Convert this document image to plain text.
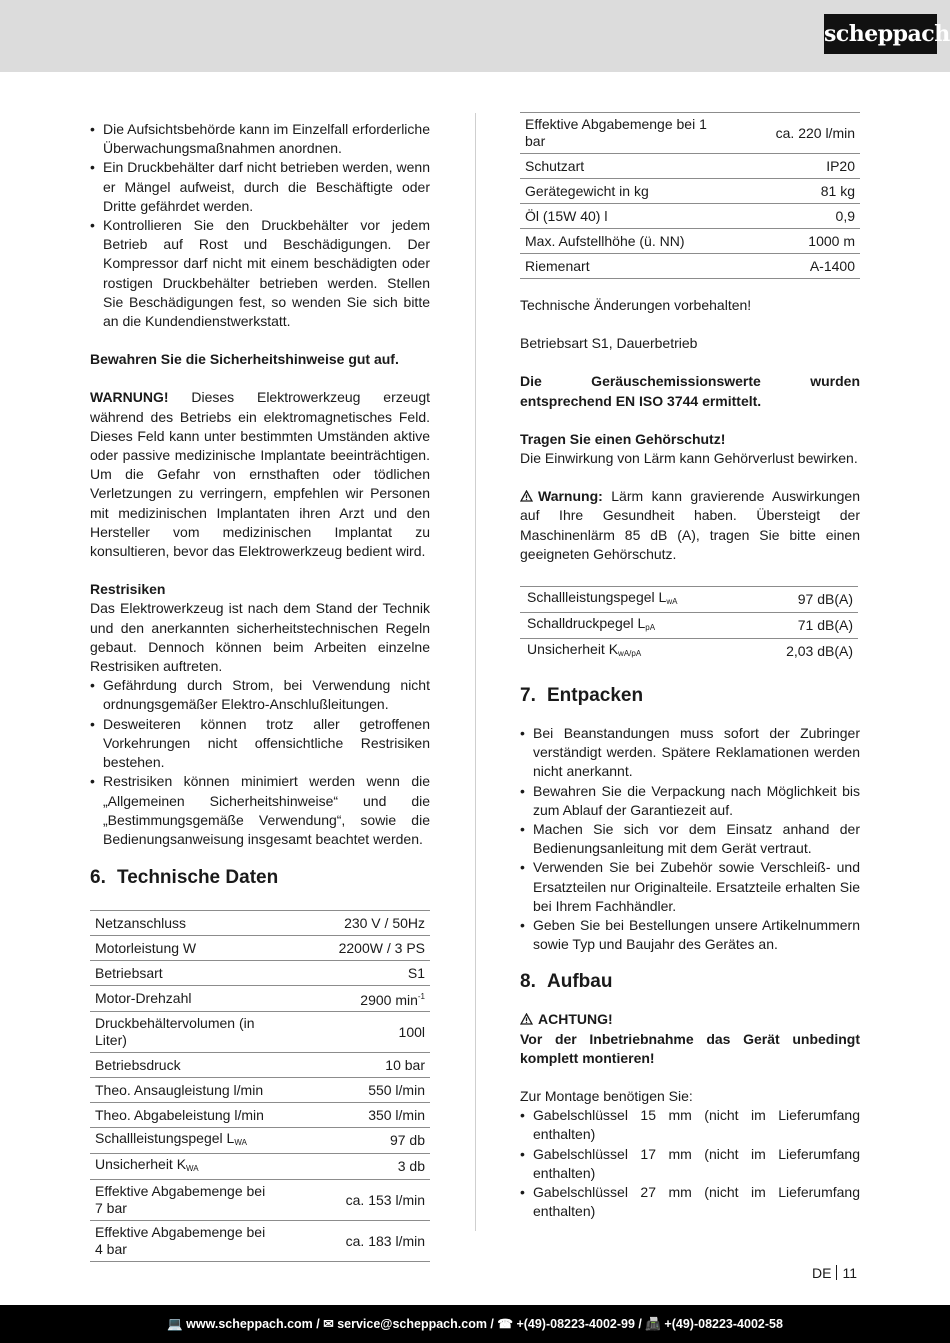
scheppach
• Die Aufsichtsbehörde kann im Einzelfall erforderliche Überwachungsmaßnahmen anordnen.
• Ein Druckbehälter darf nicht betrieben werden, wenn er Mängel aufweist, durch die Beschäftigte oder Dritte gefährdet werden.
• Kontrollieren Sie den Druckbehälter vor jedem Betrieb auf Rost und Beschädigungen. Der Kompressor darf nicht mit einem beschädigten oder rostigen Druckbehälter betrieben werden. Stellen Sie Beschädigungen fest, so wenden Sie sich bitte an die Kundendienstwerkstatt.

Bewahren Sie die Sicherheitshinweise gut auf.

WARNUNG! Dieses Elektrowerkzeug erzeugt während des Betriebs ein elektromagnetisches Feld. Dieses Feld kann unter bestimmten Umständen aktive oder passive medizinische Implantate beeinträchtigen. Um die Gefahr von ernsthaften oder tödlichen Verletzungen zu verringern, empfehlen wir Personen mit medizinischen Implantaten ihren Arzt und den Hersteller vom medizinischen Implantat zu konsultieren, bevor das Elektrowerkzeug bedient wird.

Restrisiken

Das Elektrowerkzeug ist nach dem Stand der Technik und den anerkannten sicherheitstechnischen Regeln gebaut. Dennoch können beim Arbeiten einzelne Restrisiken auftreten.

• Gefährdung durch Strom, bei Verwendung nicht ordnungsgemäßer Elektro-Anschlußleitungen.
• Desweiteren können trotz aller getroffenen Vorkehrungen nicht offensichtliche Restrisiken bestehen.
• Restrisiken können minimiert werden wenn die „Allgemeinen Sicherheitshinweise“ und die „Bestimmungsgemäße Verwendung“, sowie die Bedienungsanweisung insgesamt beachtet werden.
6. Technische Daten
Netzanschluss	230 V / 50Hz
Motorleistung W	2200W / 3 PS
Betriebsart	S1
Motor-Drehzahl	2900 $\min^{-1}$
Druckbehältervolumen (in Liter)	100l
Betriebsdruck	10 bar
Theo. Ansaugleistung l/min	550 l/min
Theo. Abgabeleistung l/min	350 l/min
Schallleistungspegel $L_{WA}$	97 db
Unsicherheit $K_{WA}$	3 db
Effektive Abgabemenge bei 7 bar	ca. 153 l/min
Effektive Abgabemenge bei 4 bar	ca. 183 l/min
Effektive Abgabemenge bei 1 bar	ca. 220 l/min
Schutzart	IP20
Gerätegewicht in kg	81 kg
Öl (15W 40) l	0,9
Max. Aufstellhöhe (ü. NN)	1000 m
Riemenart	A-1400

Technische Änderungen vorbehalten!

Betriebsart S1, Dauerbetrieb

Die Geräuschemissionswerte wurden entsprechend EN ISO 3744 ermittelt.

Tragen Sie einen Gehörschutz!

Die Einwirkung von Lärm kann Gehörverlust bewirken.

Warnung: Lärm kann gravierende Auswirkungen auf Ihre Gesundheit haben. Übersteigt der Maschinenlärm 85 dB (A), tragen Sie bitte einen geeigneten Gehörschutz.

Schallleistungspegel $L_{wA}$	97 dB(A)
Schalldruckpegel $L_{pA}$	71 dB(A)
Unsicherheit $K_{wA/pA}$	2,03 dB(A)
7. Entpacken
• Bei Beanstandungen muss sofort der Zubringer verständigt werden. Spätere Reklamationen werden nicht anerkannt.
• Bewahren Sie die Verpackung nach Möglichkeit bis zum Ablauf der Garantiezeit auf.
• Machen Sie sich vor dem Einsatz anhand der Bedienungsanleitung mit dem Gerät vertraut.
• Verwenden Sie bei Zubehör sowie Verschleiß- und Ersatzteilen nur Originalteile. Ersatzteile erhalten Sie bei Ihrem Fachhändler.
• Geben Sie bei Bestellungen unsere Artikelnummern sowie Typ und Baujahr des Gerätes an.
8. Aufbau

ACHTUNG!

Vor der Inbetriebnahme das Gerät unbedingt komplett montieren!

Zur Montage benötigen Sie:

• Gabelschlüssel 15 mm (nicht im Lieferumfang enthalten)
• Gabelschlüssel 17 mm (nicht im Lieferumfang enthalten)
• Gabelschlüssel 27 mm (nicht im Lieferumfang enthalten)
DE 11
💻 www.scheppach.com / ✉ service@scheppach.com / ☎ +(49)-08223-4002-99 / 📠 +(49)-08223-4002-58
